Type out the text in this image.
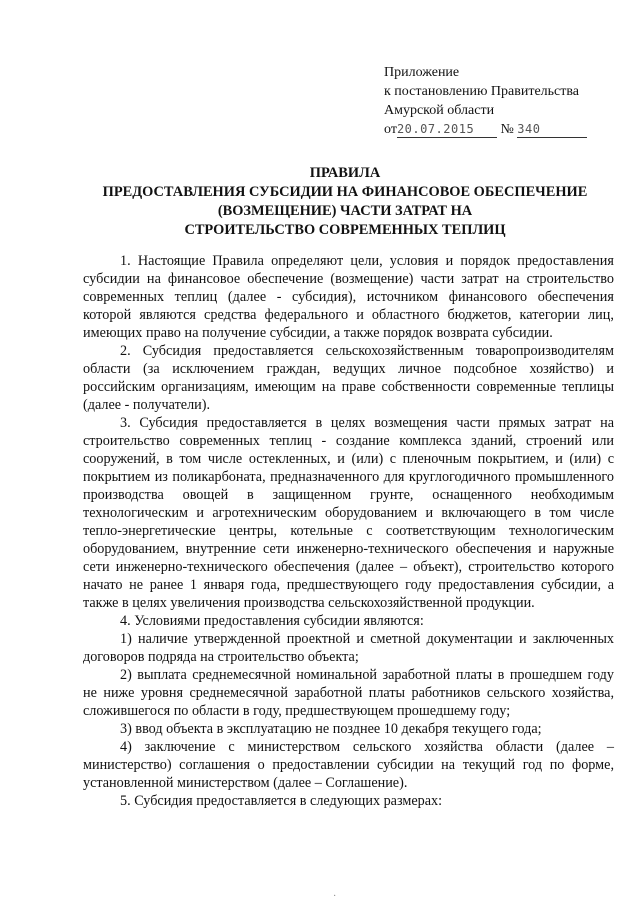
Приложение
к постановлению Правительства
Амурской области
от20.07.2015 № 340
ПРАВИЛА
ПРЕДОСТАВЛЕНИЯ СУБСИДИИ НА ФИНАНСОВОЕ ОБЕСПЕЧЕНИЕ
(ВОЗМЕЩЕНИЕ) ЧАСТИ ЗАТРАТ НА
СТРОИТЕЛЬСТВО СОВРЕМЕННЫХ ТЕПЛИЦ

1. Настоящие Правила определяют цели, условия и порядок предоставления субсидии на финансовое обеспечение (возмещение) части затрат на строительство современных теплиц (далее - субсидия), источником финансового обеспечения которой являются средства федерального и областного бюджетов, категории лиц, имеющих право на получение субсидии, а также порядок возврата субсидии.

2. Субсидия предоставляется сельскохозяйственным товаропроизводителям области (за исключением граждан, ведущих личное подсобное хозяйство) и российским организациям, имеющим на праве собственности современные теплицы (далее - получатели).

3. Субсидия предоставляется в целях возмещения части прямых затрат на строительство современных теплиц - создание комплекса зданий, строений или сооружений, в том числе остекленных, и (или) с пленочным покрытием, и (или) с покрытием из поликарбоната, предназначенного для круглогодичного промышленного производства овощей в защищенном грунте, оснащенного необходимым технологическим и агротехническим оборудованием и включающего в том числе тепло-энергетические центры, котельные с соответствующим технологическим оборудованием, внутренние сети инженерно-технического обеспечения и наружные сети инженерно-технического обеспечения (далее – объект), строительство которого начато не ранее 1 января года, предшествующего году предоставления субсидии, а также в целях увеличения производства сельскохозяйственной продукции.

4. Условиями предоставления субсидии являются:

1) наличие утвержденной проектной и сметной документации и заключенных договоров подряда на строительство объекта;

2) выплата среднемесячной номинальной заработной платы в прошедшем году не ниже уровня среднемесячной заработной платы работников сельского хозяйства, сложившегося по области в году, предшествующем прошедшему году;

3) ввод объекта в эксплуатацию не позднее 10 декабря текущего года;

4) заключение с министерством сельского хозяйства области (далее – министерство) соглашения о предоставлении субсидии на текущий год по форме, установленной министерством (далее – Соглашение).

5. Субсидия предоставляется в следующих размерах:

·
